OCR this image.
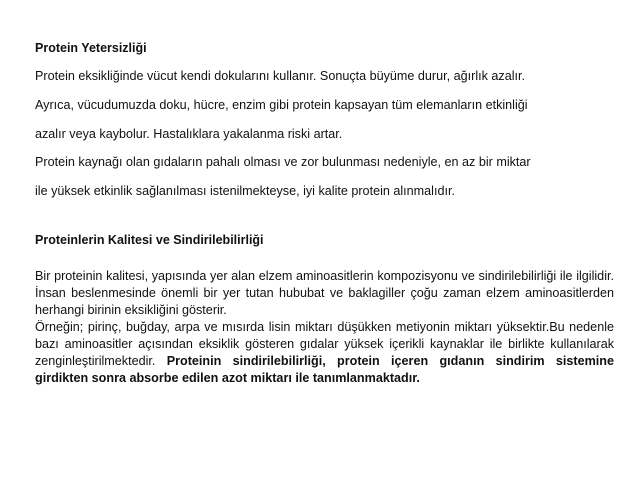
Protein Yetersizliği
Protein eksikliğinde vücut kendi dokularını kullanır. Sonuçta büyüme durur, ağırlık azalır.
Ayrıca, vücudumuzda doku, hücre, enzim gibi protein kapsayan tüm elemanların etkinliği
azalır veya kaybolur. Hastalıklara yakalanma riski artar.
Protein kaynağı olan gıdaların pahalı olması ve zor bulunması nedeniyle, en az bir miktar
ile yüksek etkinlik sağlanılması istenilmekteyse, iyi kalite protein alınmalıdır.
Proteinlerin Kalitesi ve Sindirilebilirliği

Bir proteinin kalitesi, yapısında yer alan elzem aminoasitlerin kompozisyonu ve sindirilebilirliği ile ilgilidir. İnsan beslenmesinde önemli bir yer tutan hububat ve baklagiller çoğu zaman elzem aminoasitlerden herhangi birinin eksikliğini gösterir.

Örneğin; pirinç, buğday, arpa ve mısırda lisin miktarı düşükken metiyonin miktarı yüksektir.Bu nedenle bazı aminoasitler açısından eksiklik gösteren gıdalar yüksek içerikli kaynaklar ile birlikte kullanılarak zenginleştirilmektedir. Proteinin sindirilebilirliği, protein içeren gıdanın sindirim sistemine girdikten sonra absorbe edilen azot miktarı ile tanımlanmaktadır.
